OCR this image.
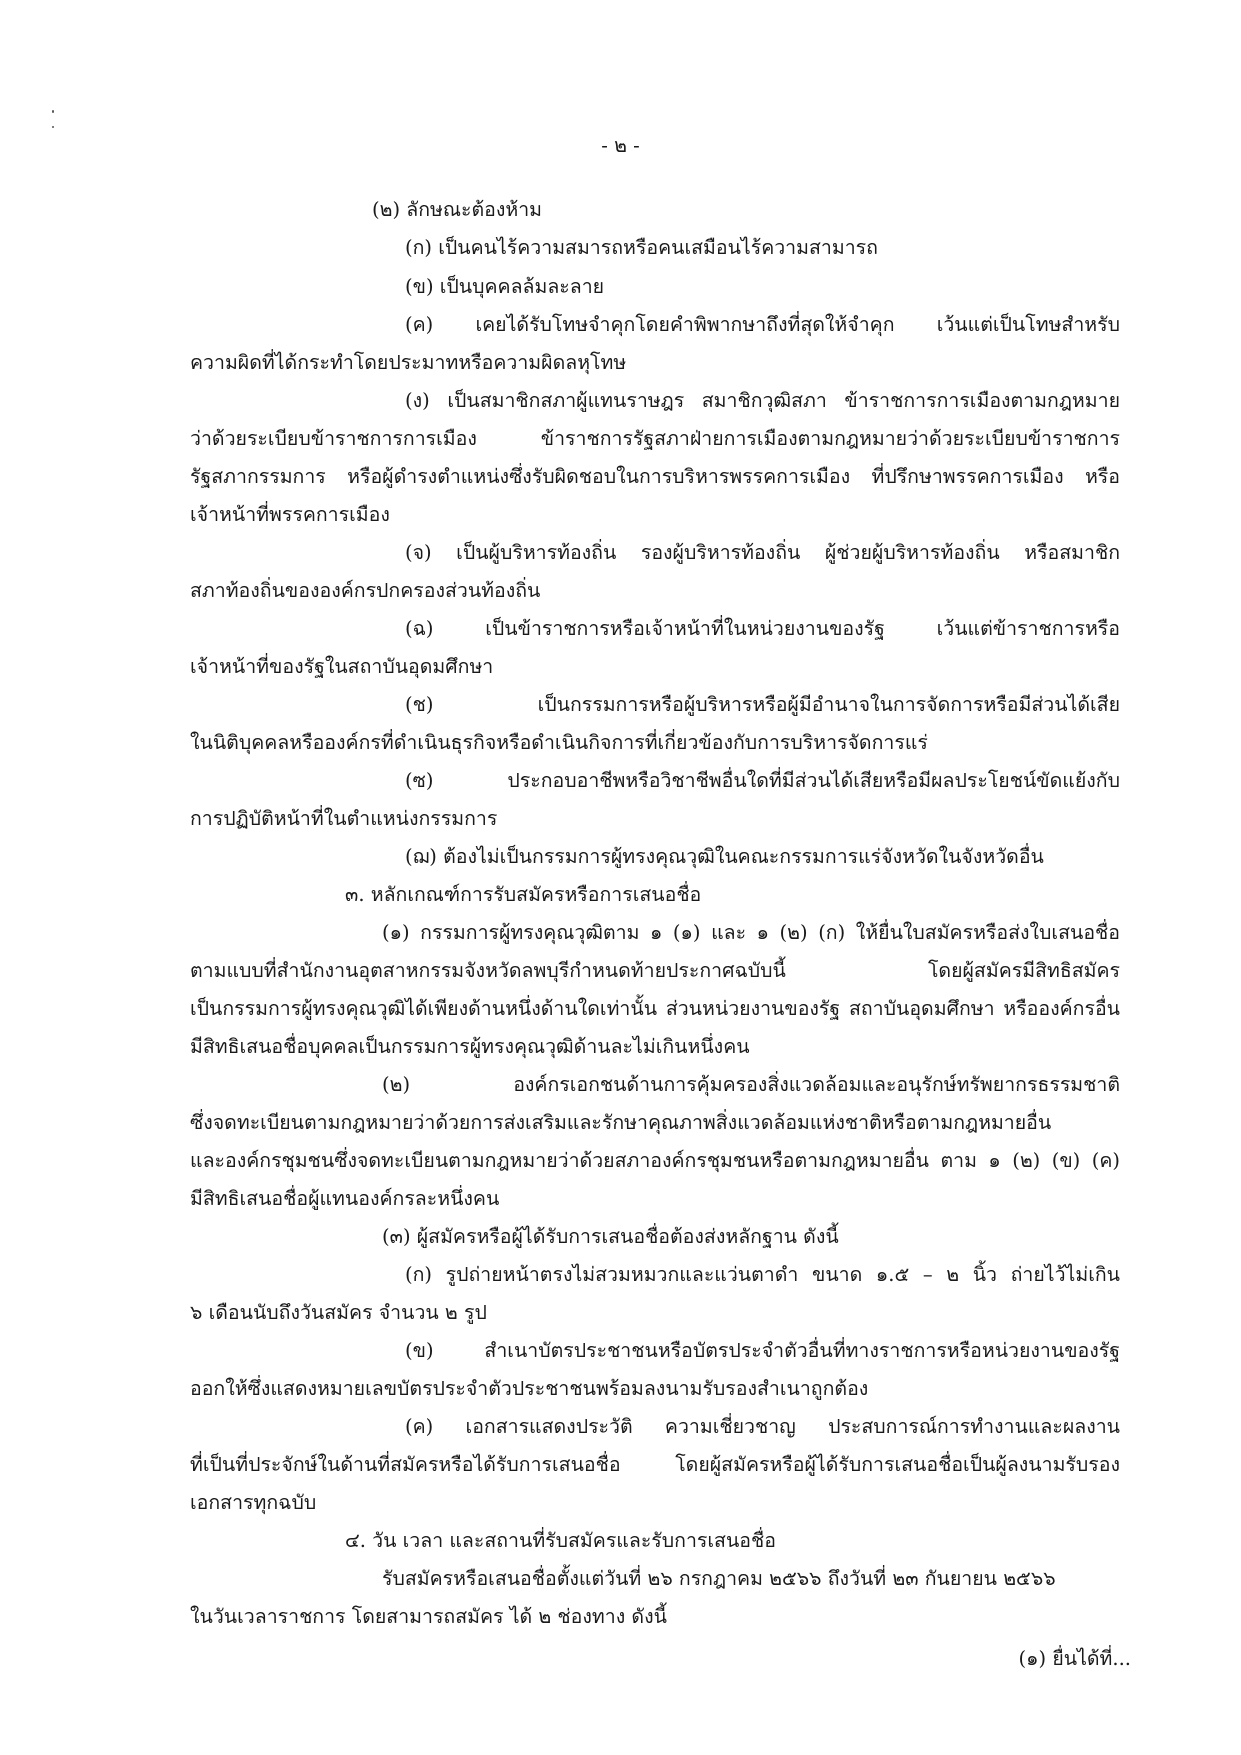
- ๒ -
(๒) ลักษณะต้องห้าม
(ก) เป็นคนไร้ความสมารถหรือคนเสมือนไร้ความสามารถ
(ข) เป็นบุคคลล้มละลาย
(ค) เคยได้รับโทษจำคุกโดยคำพิพากษาถึงที่สุดให้จำคุก เว้นแต่เป็นโทษสำหรับ
ความผิดที่ได้กระทำโดยประมาทหรือความผิดลหุโทษ
(ง) เป็นสมาชิกสภาผู้แทนราษฎร สมาชิกวุฒิสภา ข้าราชการการเมืองตามกฎหมาย
ว่าด้วยระเบียบข้าราชการการเมือง ข้าราชการรัฐสภาฝ่ายการเมืองตามกฎหมายว่าด้วยระเบียบข้าราชการ
รัฐสภากรรมการ หรือผู้ดำรงตำแหน่งซึ่งรับผิดชอบในการบริหารพรรคการเมือง ที่ปรึกษาพรรคการเมือง หรือ
เจ้าหน้าที่พรรคการเมือง
(จ) เป็นผู้บริหารท้องถิ่น รองผู้บริหารท้องถิ่น ผู้ช่วยผู้บริหารท้องถิ่น หรือสมาชิก
สภาท้องถิ่นขององค์กรปกครองส่วนท้องถิ่น
(ฉ) เป็นข้าราชการหรือเจ้าหน้าที่ในหน่วยงานของรัฐ เว้นแต่ข้าราชการหรือ
เจ้าหน้าที่ของรัฐในสถาบันอุดมศึกษา
(ช) เป็นกรรมการหรือผู้บริหารหรือผู้มีอำนาจในการจัดการหรือมีส่วนได้เสีย
ในนิติบุคคลหรือองค์กรที่ดำเนินธุรกิจหรือดำเนินกิจการที่เกี่ยวข้องกับการบริหารจัดการแร่
(ซ) ประกอบอาชีพหรือวิชาชีพอื่นใดที่มีส่วนได้เสียหรือมีผลประโยชน์ขัดแย้งกับ
การปฏิบัติหน้าที่ในตำแหน่งกรรมการ
(ฌ) ต้องไม่เป็นกรรมการผู้ทรงคุณวุฒิในคณะกรรมการแร่จังหวัดในจังหวัดอื่น
๓. หลักเกณฑ์การรับสมัครหรือการเสนอชื่อ
(๑) กรรมการผู้ทรงคุณวุฒิตาม ๑ (๑) และ ๑ (๒) (ก) ให้ยื่นใบสมัครหรือส่งใบเสนอชื่อ
ตามแบบที่สำนักงานอุตสาหกรรมจังหวัดลพบุรีกำหนดท้ายประกาศฉบับนี้ โดยผู้สมัครมีสิทธิสมัคร
เป็นกรรมการผู้ทรงคุณวุฒิได้เพียงด้านหนึ่งด้านใดเท่านั้น ส่วนหน่วยงานของรัฐ สถาบันอุดมศึกษา หรือองค์กรอื่น
มีสิทธิเสนอชื่อบุคคลเป็นกรรมการผู้ทรงคุณวุฒิด้านละไม่เกินหนึ่งคน
(๒) องค์กรเอกชนด้านการคุ้มครองสิ่งแวดล้อมและอนุรักษ์ทรัพยากรธรรมชาติ
ซึ่งจดทะเบียนตามกฎหมายว่าด้วยการส่งเสริมและรักษาคุณภาพสิ่งแวดล้อมแห่งชาติหรือตามกฎหมายอื่น
และองค์กรชุมชนซึ่งจดทะเบียนตามกฎหมายว่าด้วยสภาองค์กรชุมชนหรือตามกฎหมายอื่น ตาม ๑ (๒) (ข) (ค)
มีสิทธิเสนอชื่อผู้แทนองค์กรละหนึ่งคน
(๓) ผู้สมัครหรือผู้ได้รับการเสนอชื่อต้องส่งหลักฐาน ดังนี้
(ก) รูปถ่ายหน้าตรงไม่สวมหมวกและแว่นตาดำ ขนาด ๑.๕ – ๒ นิ้ว ถ่ายไว้ไม่เกิน
๖ เดือนนับถึงวันสมัคร จำนวน ๒ รูป
(ข) สำเนาบัตรประชาชนหรือบัตรประจำตัวอื่นที่ทางราชการหรือหน่วยงานของรัฐ
ออกให้ซึ่งแสดงหมายเลขบัตรประจำตัวประชาชนพร้อมลงนามรับรองสำเนาถูกต้อง
(ค) เอกสารแสดงประวัติ ความเชี่ยวชาญ ประสบการณ์การทำงานและผลงาน
ที่เป็นที่ประจักษ์ในด้านที่สมัครหรือได้รับการเสนอชื่อ โดยผู้สมัครหรือผู้ได้รับการเสนอชื่อเป็นผู้ลงนามรับรอง
เอกสารทุกฉบับ
๔. วัน เวลา และสถานที่รับสมัครและรับการเสนอชื่อ
รับสมัครหรือเสนอชื่อตั้งแต่วันที่ ๒๖ กรกฎาคม ๒๕๖๖ ถึงวันที่ ๒๓ กันยายน ๒๕๖๖
ในวันเวลาราชการ โดยสามารถสมัคร ได้ ๒ ช่องทาง ดังนี้
(๑) ยื่นได้ที่...
